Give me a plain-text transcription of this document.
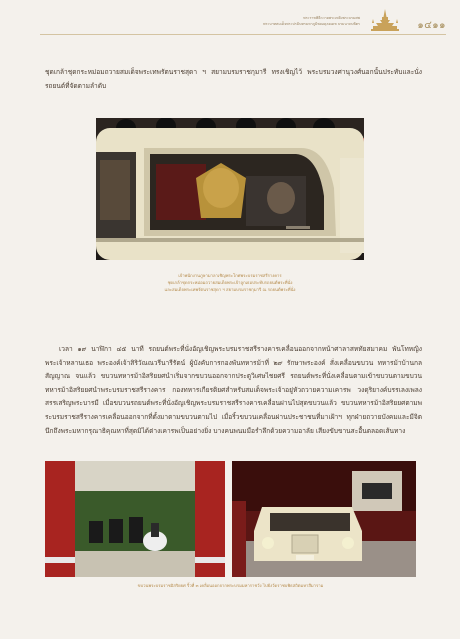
พระราชพิธีถวายพระเพลิงพระบรมศพ
พระบาทสมเด็จพระปรมินทรมหาภูมิพลอดุลยเดช บรมนาถบพิตร	๑๔๑๑
ชุดเกล้าชุดกระหม่อมถวายสมเด็จพระเทพรัตนราชสุดา ฯ สยามบรมราชกุมารี ทรงเชิญไว้ พระบรมวงศานุวงศ์นอกนั้นประทับและนั่งรถยนต์ที่จัดตามลำดับ
เจ้าพนักงานภูษามาลาเชิญพระโกศพระบรมราชสรีรางคาร
ชุดเกล้าชุดกระหม่อมถวายสมเด็จพระเจ้าลูกเธอประทับรถยนต์พระที่นั่ง
และสมเด็จพระเทพรัตนราชสุดา ฯ สยามบรมราชกุมารี ณ รถยนต์พระที่นั่ง
เวลา ๑๙ นาฬิกา ๔๕ นาที รถยนต์พระที่นั่งอัญเชิญพระบรมราชสรีรางคารเคลื่อนออกจากหน้าศาลาสหทัยสมาคม พันโทหญิง พระเจ้าหลานเธอ พระองค์เจ้าสิริวัณณวรีนารีรัตน์ ผู้บังคับการกองพันทหารม้าที่ ๒๙ รักษาพระองค์ สั่งเคลื่อนขบวน ทหารม้าบ้านกลสัญญาณ จนแล้ว ขบวนทหารม้าอิสริยยศนำเริ่มจากขบวนออกจากประตูวิเศษไชยศรี รถยนต์พระที่นั่งเคลื่อนตามเข้าขบวนตามขบวนทหารม้าอิสริยยศนำพระบรมราชสรีรางคาร กองทหารเกียรติยศสำหรับสมเด็จพระเจ้าอยู่หัวถวายความเคารพ วงดุริยางค์บรรเลงเพลงสรรเสริญพระบารมี เมื่อขบวนรถยนต์พระที่นั่งอัญเชิญพระบรมราชสรีรางคารเคลื่อนผ่านไปสุดขบวนแล้ว ขบวนทหารม้าอิสริยยศตามพระบรมราชสรีรางคารเคลื่อนออกจากที่ตั้งมาตามขบวนตามไป เมื่อริ้วขบวนเคลื่อนผ่านประชาชนที่มาเฝ้าฯ ทุกฝ่ายถวายบังคมและมีจิตนึกถึงพระมหากรุณาธิคุณหาที่สุดมิได้ต่างเคารพเป็นอย่างยิ่ง บางคนพนมมือรำลึกด้วยความอาลัย เสียงขับขานสะอื้นตลอดเส้นทาง
ขบวนพระบรมราชอิสริยยศ ริ้วที่ ๓ เคลื่อนออกจากพระบรมมหาราชวัง ไปยังวัดราชบพิธสถิตมหาสีมาราม
